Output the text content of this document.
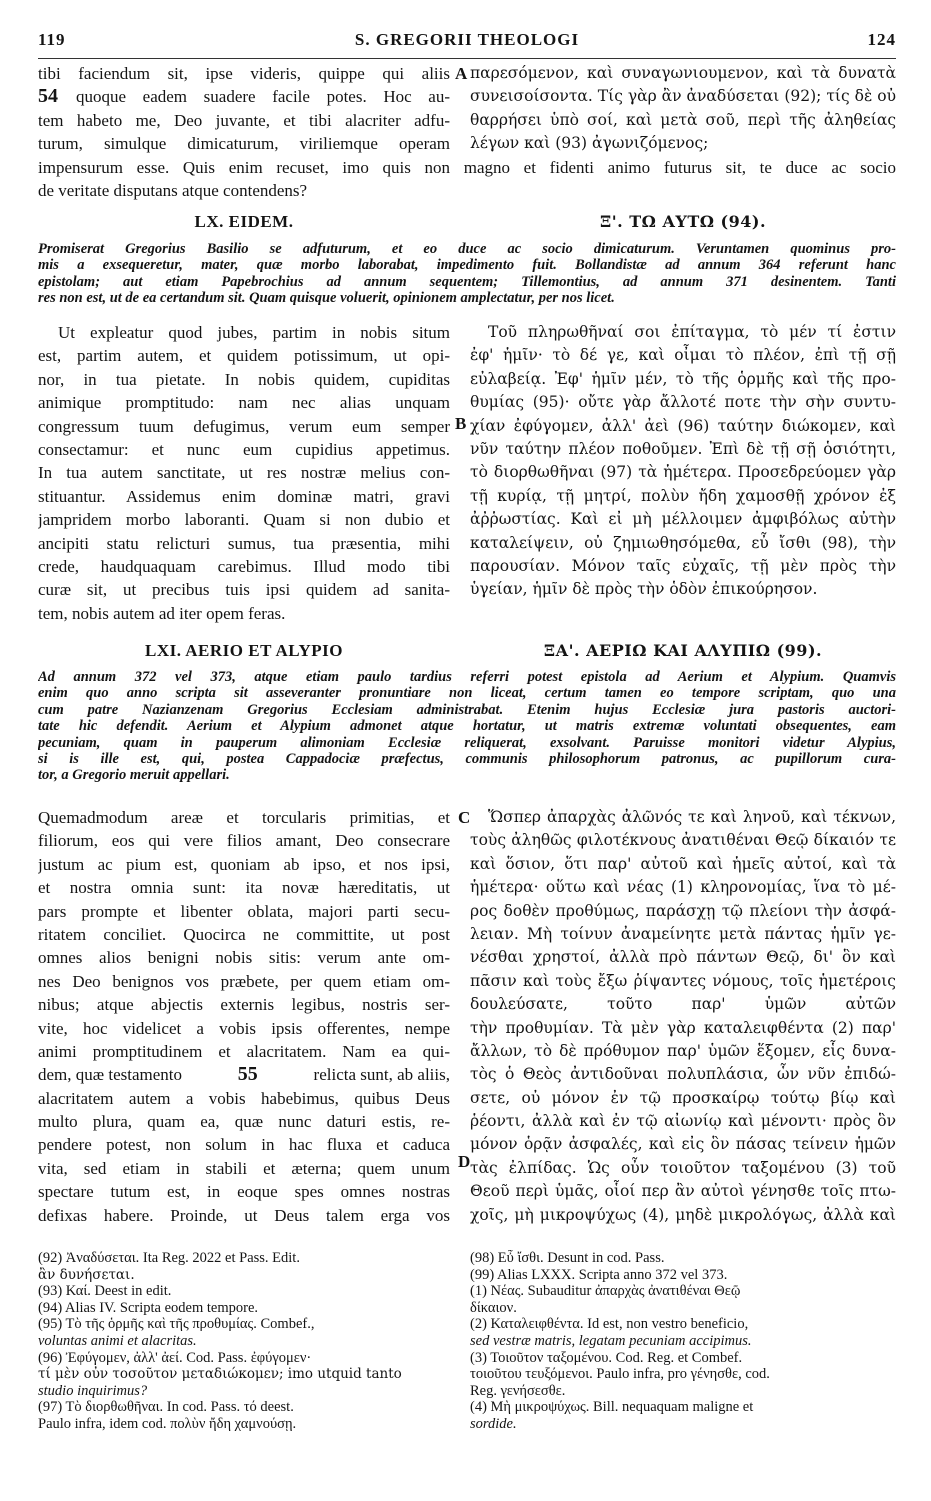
119	S. GREGORII THEOLOGI	124
tibi faciendum sit, ipse videris, quippe qui aliis
quoque eadem suadere facile potes. Hoc au-
tem habeto me, Deo juvante, et tibi alacriter adfu-
turum, simulque dimicaturum, viriliemque operam
54
A παρεσόμενον, καὶ συναγωνιουμενον, καὶ τὰ δυνατὰ
συνεισοίσοντα. Τίς γὰρ ἂν ἀναδύσεται (92); τίς δὲ οὐ
θαρρήσει ὑπὸ σοί, καὶ μετὰ σοῦ, περὶ τῆς ἀληθείας
λέγων καὶ (93) ἀγωνιζόμενος;
impensurum esse. Quis enim recuset, imo quis non magno et fidenti animo futurus sit, te duce ac socio
de veritate disputans atque contendens?
LX. EIDEM.	Ξ'. ΤΩ ΑΥΤΩ (94).
Promiserat Gregorius Basilio se adfuturum, et eo duce ac socio dimicaturum. Veruntamen quominus pro-
mis a exsequeretur, mater, quæ morbo laborabat, impedimento fuit. Bollandistæ ad annum 364 referunt hanc
epistolam; aut etiam Papebrochius ad annum sequentem; Tillemontius, ad annum 371 desinentem. Tanti
res non est, ut de ea certandum sit. Quam quisque voluerit, opinionem amplectatur, per nos licet.
Ut expleatur quod jubes, partim in nobis situm
est, partim autem, et quidem potissimum, ut opi-
nor, in tua pietate. In nobis quidem, cupiditas
animique promptitudo: nam nec alias unquam
congressum tuum defugimus, verum eum semper
consectamur: et nunc eum cupidius appetimus.
In tua autem sanctitate, ut res nostræ melius con-
stituantur. Assidemus enim dominæ matri, gravi
jampridem morbo laboranti. Quam si non dubio et
ancipiti statu relicturi sumus, tua præsentia, mihi
crede, haudquaquam carebimus. Illud modo tibi
curæ sit, ut precibus tuis ipsi quidem ad sanita-
tem, nobis autem ad iter opem feras.
B
Τοῦ πληρωθῆναί σοι ἐπίταγμα, τὸ μέν τί ἐστιν
ἐφ' ἡμῖν· τὸ δέ γε, καὶ οἶμαι τὸ πλέον, ἐπὶ τῇ σῇ
εὐλαβείᾳ. Ἐφ' ἡμῖν μέν, τὸ τῆς ὁρμῆς καὶ τῆς προ-
θυμίας (95)· οὔτε γὰρ ἄλλοτέ ποτε τὴν σὴν συντυ-
χίαν ἐφύγομεν, ἀλλ' ἀεὶ (96) ταύτην διώκομεν, καὶ
νῦν ταύτην πλέον ποθοῦμεν. Ἐπὶ δὲ τῇ σῇ ὁσιότητι,
τὸ διορθωθῆναι (97) τὰ ἡμέτερα. Προσεδρεύομεν γὰρ
τῇ κυρίᾳ, τῇ μητρί, πολὺν ἤδη χαμοσθῇ χρόνον ἐξ
ἀῤῥωστίας. Καὶ εἰ μὴ μέλλοιμεν ἀμφιβόλως αὐτὴν
καταλείψειν, οὐ ζημιωθησόμεθα, εὖ ἴσθι (98), τὴν
παρουσίαν. Μόνον ταῖς εὐχαῖς, τῇ μὲν πρὸς τὴν
ὑγείαν, ἡμῖν δὲ πρὸς τὴν ὁδὸν ἐπικούρησον.
LXI. AERIO ET ALYPIO	ΞΑ'. ΑΕΡΙΩ ΚΑΙ ΑΛΥΠΙΩ (99).
Ad annum 372 vel 373, atque etiam paulo tardius referri potest epistola ad Aerium et Alypium. Quamvis
enim quo anno scripta sit asseveranter pronuntiare non liceat, certum tamen eo tempore scriptam, quo una
cum patre Nazianzenam Gregorius Ecclesiam administrabat. Etenim hujus Ecclesiæ jura pastoris auctori-
tate hic defendit. Aerium et Alypium admonet atque hortatur, ut matris extremæ voluntati obsequentes, eam
pecuniam, quam in pauperum alimoniam Ecclesiæ reliquerat, exsolvant. Paruisse monitori videtur Alypius,
si is ille est, qui, postea Cappadociæ præfectus, communis philosophorum patronus, ac pupillorum cura-
tor, a Gregorio meruit appellari.
Quemadmodum areæ et torcularis primitias, et
filiorum, eos qui vere filios amant, Deo consecrare
justum ac pium est, quoniam ab ipso, et nos ipsi,
et nostra omnia sunt: ita novæ hæreditatis, ut
pars prompte et libenter oblata, majori parti secu-
ritatem conciliet. Quocirca ne committite, ut post
omnes alios benigni nobis sitis: verum ante om-
nes Deo benignos vos præbete, per quem etiam om-
nibus; atque abjectis externis legibus, nostris ser-
vite, hoc videlicet a vobis ipsis offerentes, nempe
animi promptitudinem et alacritatem. Nam ea qui-
dem, quæ testamento	55	relicta sunt, ab aliis,
alacritatem autem a vobis habebimus, quibus Deus
multo plura, quam ea, quæ nunc daturi estis, re-
pendere potest, non solum in hac fluxa et caduca
vita, sed etiam in stabili et æterna; quem unum
spectare tutum est, in eoque spes omnes nostras
defixas habere. Proinde, ut Deus talem erga vos
C
D
Ὥσπερ ἀπαρχὰς ἀλῶνός τε καὶ ληνοῦ, καὶ τέκνων,
τοὺς ἀληθῶς φιλοτέκνους ἀνατιθέναι Θεῷ δίκαιόν τε
καὶ ὅσιον, ὅτι παρ' αὐτοῦ καὶ ἡμεῖς αὐτοί, καὶ τὰ
ἡμέτερα· οὕτω καὶ νέας (1) κληρονομίας, ἵνα τὸ μέ-
ρος δοθὲν προθύμως, παράσχῃ τῷ πλείονι τὴν ἀσφά-
λειαν. Μὴ τοίνυν ἀναμείνητε μετὰ πάντας ἡμῖν γε-
νέσθαι χρηστοί, ἀλλὰ πρὸ πάντων Θεῷ, δι' ὃν καὶ
πᾶσιν καὶ τοὺς ἔξω ῥίψαντες νόμους, τοῖς ἡμετέροις
δουλεύσατε, τοῦτο παρ' ὑμῶν αὐτῶν
τὴν προθυμίαν. Τὰ μὲν γὰρ καταλειφθέντα (2) παρ'
ἄλλων, τὸ δὲ πρόθυμον παρ' ὑμῶν ἕξομεν, εἷς δυνα-
τὸς ὁ Θεὸς ἀντιδοῦναι πολυπλάσια, ὧν νῦν ἐπιδώ-
σετε, οὐ μόνον ἐν τῷ προσκαίρῳ τούτῳ βίῳ καὶ
ῥέοντι, ἀλλὰ καὶ ἐν τῷ αἰωνίῳ καὶ μένοντι· πρὸς ὃν
μόνον ὁρᾷν ἀσφαλές, καὶ εἰς ὃν πάσας τείνειν ἡμῶν
τὰς ἐλπίδας. Ὡς οὖν τοιοῦτον ταξομένου (3) τοῦ
Θεοῦ περὶ ὑμᾶς, οἷοί περ ἂν αὐτοὶ γένησθε τοῖς πτω-
χοῖς, μὴ μικροψύχως (4), μηδὲ μικρολόγως, ἀλλὰ καὶ
(92) Ἀναδύσεται. Ita Reg. 2022 et Pass. Edit.
ἂν δυνήσεται.
(93) Καί. Deest in edit.
(94) Alias IV. Scripta eodem tempore.
(95) Τὸ τῆς ὁρμῆς καὶ τῆς προθυμίας. Combef.,
voluntas animi et alacritas.
(96) Ἐφύγομεν, ἀλλ' ἀεί. Cod. Pass. ἐφύγομεν·
τί μὲν οὖν τοσοῦτον μεταδιώκομεν; imo utquid tanto
studio inquirimus?
(97) Τὸ διορθωθῆναι. In cod. Pass. τό deest.
Paulo infra, idem cod. πολὺν ἤδη χαμνούσῃ.
(98) Εὖ ἴσθι. Desunt in cod. Pass.
(99) Alias LXXX. Scripta anno 372 vel 373.
(1) Νέας. Subauditur ἀπαρχὰς ἀνατιθέναι Θεῷ
δίκαιον.
(2) Καταλειφθέντα. Id est, non vestro beneficio,
sed vestræ matris, legatam pecuniam accipimus.
(3) Τοιοῦτον ταξομένου. Cod. Reg. et Combef.
τοιοῦτου τευξόμενοι. Paulo infra, pro γένησθε, cod.
Reg. γενήσεσθε.
(4) Μὴ μικροψύχως. Bill. nequaquam maligne et
sordide.
